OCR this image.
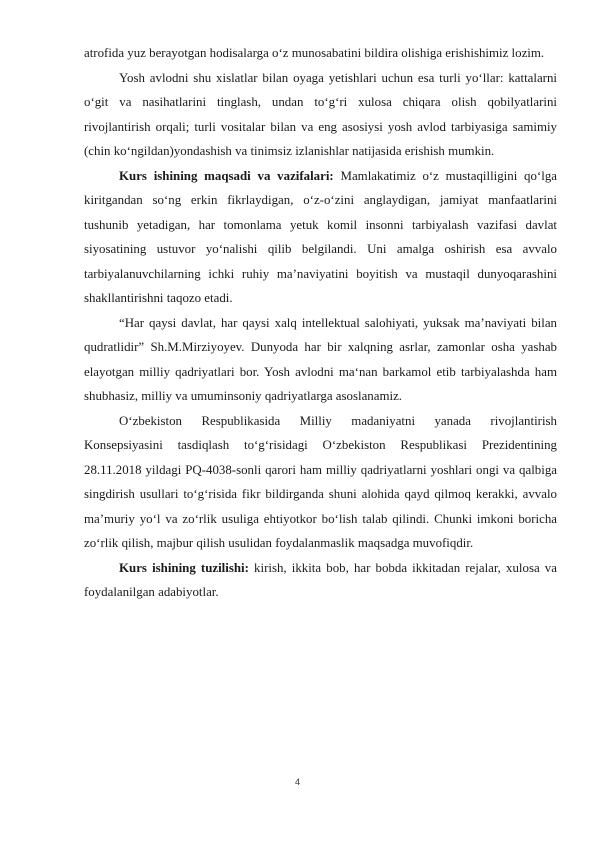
atrofida yuz berayotgan hodisalarga o‘z munosabatini bildira olishiga erishishimiz lozim.

Yosh avlodni shu xislatlar bilan oyaga yetishlari uchun esa turli yo‘llar: kattalarni o‘git va nasihatlarini tinglash, undan to‘g‘ri xulosa chiqara olish qobilyatlarini rivojlantirish orqali; turli vositalar bilan va eng asosiysi yosh avlod tarbiyasiga samimiy (chin ko‘ngildan)yondashish va tinimsiz izlanishlar natijasida erishish mumkin.

Kurs ishining maqsadi va vazifalari: Mamlakatimiz o‘z mustaqilligini qo‘lga kiritgandan so‘ng erkin fikrlaydigan, o‘z-o‘zini anglaydigan, jamiyat manfaatlarini tushunib yetadigan, har tomonlama yetuk komil insonni tarbiyalash vazifasi davlat siyosatining ustuvor yo‘nalishi qilib belgilandi. Uni amalga oshirish esa avvalo tarbiyalanuvchilarning ichki ruhiy ma’naviyatini boyitish va mustaqil dunyoqarashini shakllantirishni taqozo etadi.

“Har qaysi davlat, har qaysi xalq intellektual salohiyati, yuksak ma’naviyati bilan qudratlidir” Sh.M.Mirziyoyev. Dunyoda har bir xalqning asrlar, zamonlar osha yashab elayotgan milliy qadriyatlari bor. Yosh avlodni ma‘nan barkamol etib tarbiyalashda ham shubhasiz, milliy va umuminsoniy qadriyatlarga asoslanamiz.

O‘zbekiston Respublikasida Milliy madaniyatni yanada rivojlantirish Konsepsiyasini tasdiqlash to‘g‘risidagi O‘zbekiston Respublikasi Prezidentining 28.11.2018 yildagi PQ-4038-sonli qarori ham milliy qadriyatlarni yoshlari ongi va qalbiga singdirish usullari to‘g‘risida fikr bildirganda shuni alohida qayd qilmoq kerakki, avvalo ma’muriy yo‘l va zo‘rlik usuliga ehtiyotkor bo‘lish talab qilindi. Chunki imkoni boricha zo‘rlik qilish, majbur qilish usulidan foydalanmaslik maqsadga muvofiqdir.

Kurs ishining tuzilishi: kirish, ikkita bob, har bobda ikkitadan rejalar, xulosa va foydalanilgan adabiyotlar.

4
